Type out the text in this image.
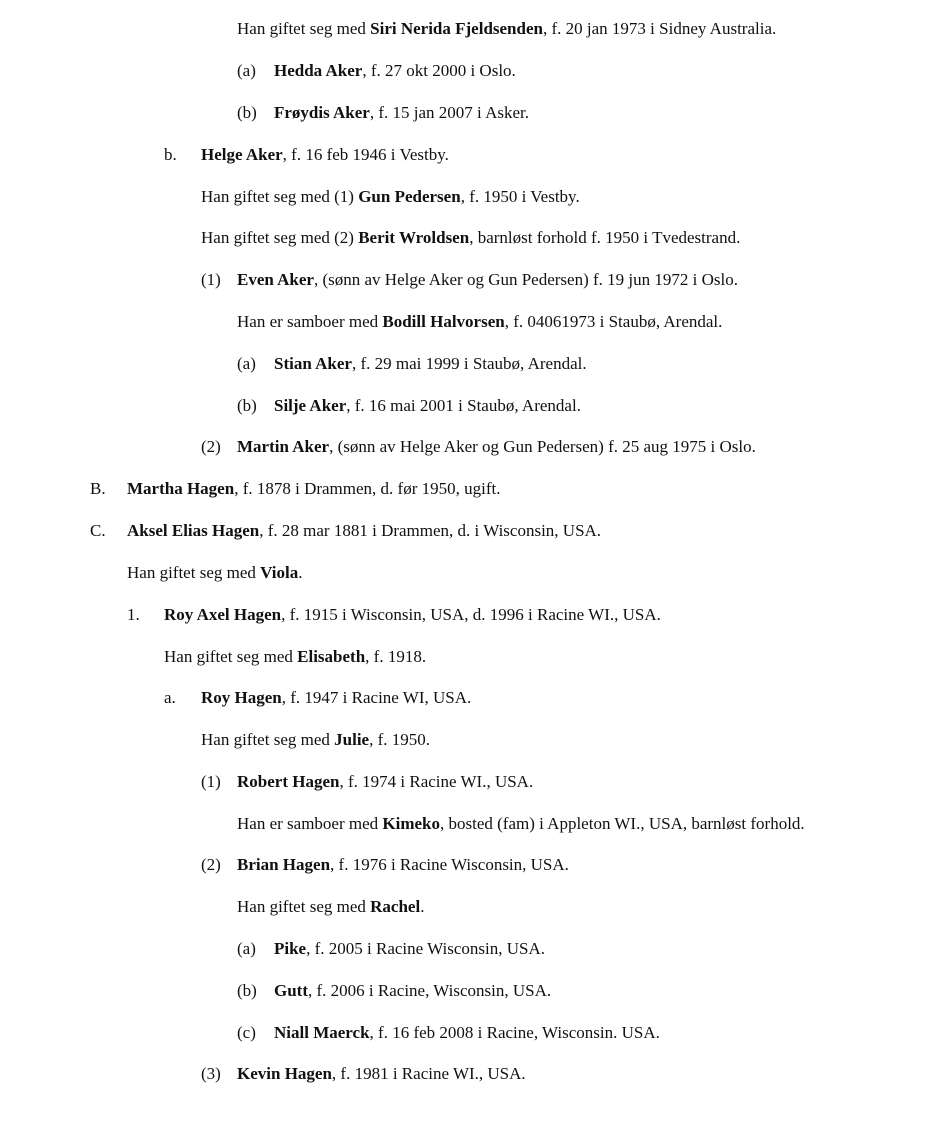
Han giftet seg med Siri Nerida Fjeldsenden, f. 20 jan 1973 i Sidney Australia.
(a) Hedda Aker, f. 27 okt 2000 i Oslo.
(b) Frøydis Aker, f. 15 jan 2007 i Asker.
b. Helge Aker, f. 16 feb 1946 i Vestby.
Han giftet seg med (1) Gun Pedersen, f. 1950 i Vestby.
Han giftet seg med (2) Berit Wroldsen, barnløst forhold f. 1950 i Tvedestrand.
(1) Even Aker, (sønn av Helge Aker og Gun Pedersen) f. 19 jun 1972 i Oslo.
Han er samboer med Bodill Halvorsen, f. 04061973 i Staubø, Arendal.
(a) Stian Aker, f. 29 mai 1999 i Staubø, Arendal.
(b) Silje Aker, f. 16 mai 2001 i Staubø, Arendal.
(2) Martin Aker, (sønn av Helge Aker og Gun Pedersen) f. 25 aug 1975 i Oslo.
B. Martha Hagen, f. 1878 i Drammen, d. før 1950, ugift.
C. Aksel Elias Hagen, f. 28 mar 1881 i Drammen, d. i Wisconsin, USA.
Han giftet seg med Viola.
1. Roy Axel Hagen, f. 1915 i Wisconsin, USA, d. 1996 i Racine WI., USA.
Han giftet seg med Elisabeth, f. 1918.
a. Roy Hagen, f. 1947 i Racine WI, USA.
Han giftet seg med Julie, f. 1950.
(1) Robert Hagen, f. 1974 i Racine WI., USA.
Han er samboer med Kimeko, bosted (fam) i Appleton WI., USA, barnløst forhold.
(2) Brian Hagen, f. 1976 i Racine Wisconsin, USA.
Han giftet seg med Rachel.
(a) Pike, f. 2005 i Racine Wisconsin, USA.
(b) Gutt, f. 2006 i Racine, Wisconsin, USA.
(c) Niall Maerck, f. 16 feb 2008 i Racine, Wisconsin. USA.
(3) Kevin Hagen, f. 1981 i Racine WI., USA.
